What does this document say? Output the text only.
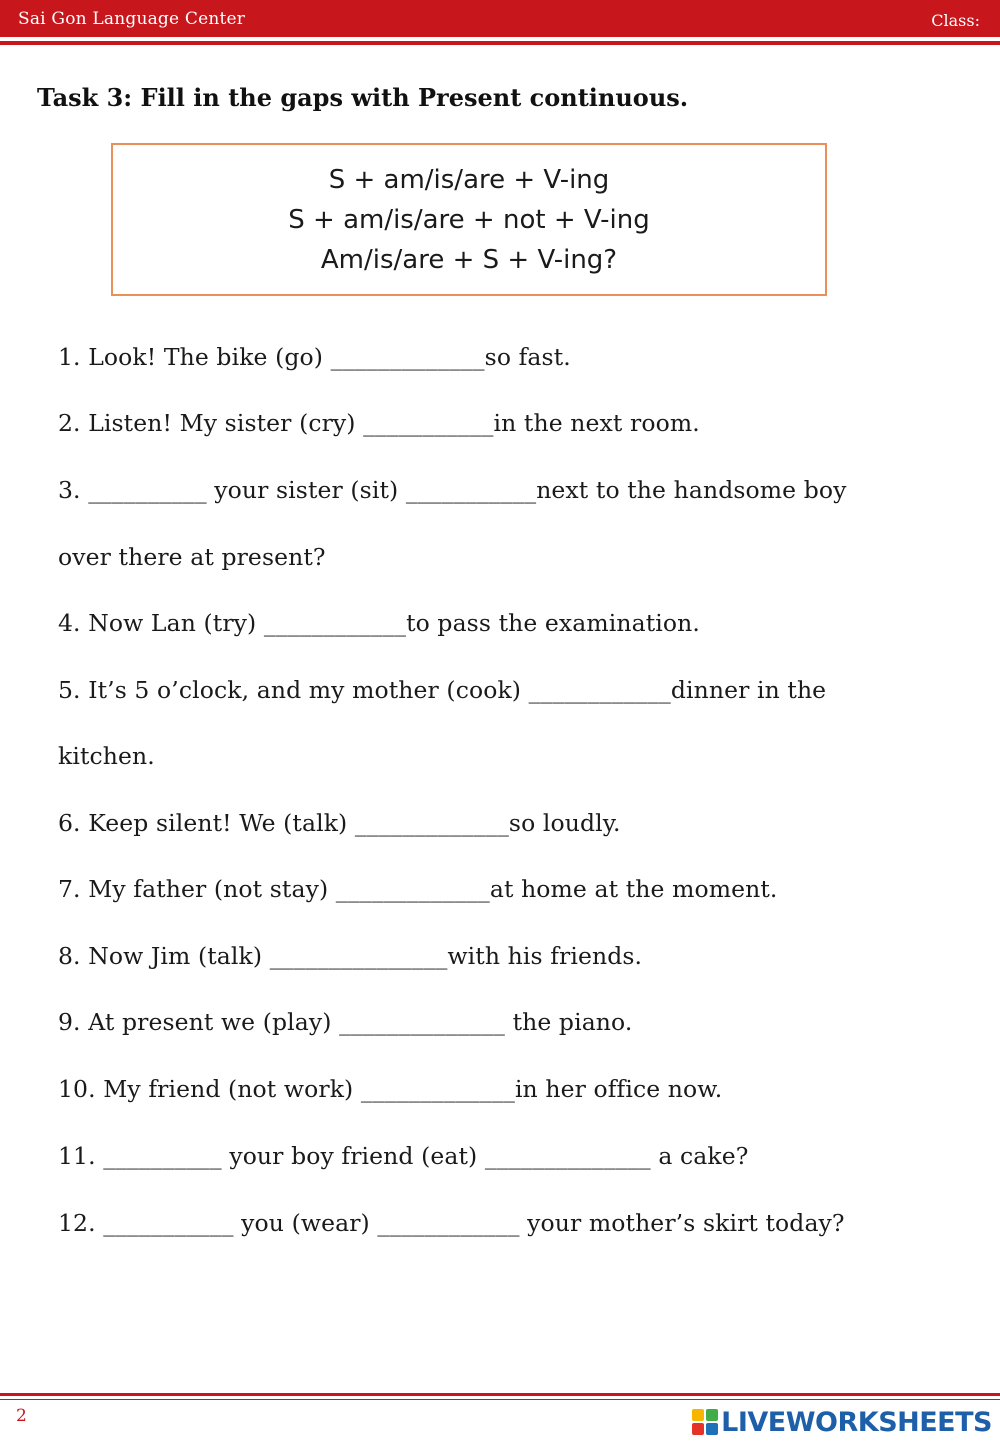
Sai Gon Language Center	Class:
Task 3: Fill in the gaps with Present continuous.
S + am/is/are + V-ing
S + am/is/are + not + V-ing
Am/is/are + S + V-ing?
1. Look! The bike (go) _____________so fast.
2. Listen! My sister (cry) ___________in the next room.
3. __________ your sister (sit) ___________next to the handsome boy
over there at present?
4. Now Lan (try) ____________to pass the examination.
5. It’s 5 o’clock, and my mother (cook) ____________dinner in the
kitchen.
6. Keep silent! We (talk) _____________so loudly.
7. My father (not stay) _____________at home at the moment.
8. Now Jim (talk) _______________with his friends.
9. At present we (play) ______________ the piano.
10. My friend (not work) _____________in her office now.
11. __________ your boy friend (eat) ______________ a cake?
12. ___________ you (wear) ____________ your mother’s skirt today?
2	LIVEWORKSHEETS
